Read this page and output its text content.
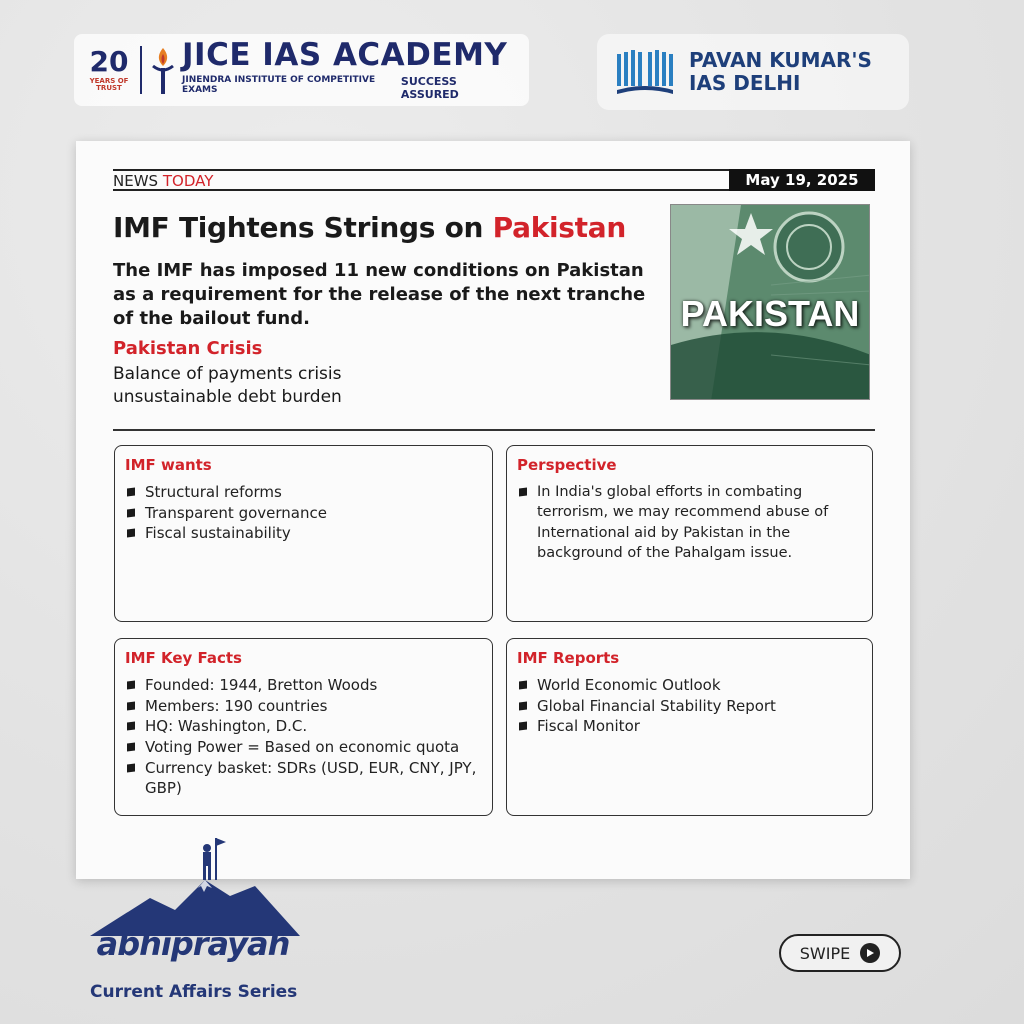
20
YEARS OF TRUST
JICE IAS ACADEMY
JINENDRA INSTITUTE OF COMPETITIVE EXAMS
SUCCESS ASSURED
PAVAN KUMAR'S
IAS DELHI
NEWS TODAY	May 19, 2025
IMF Tightens Strings on Pakistan
The IMF has imposed 11 new conditions on Pakistan as a requirement for the release of the next tranche of the bailout fund.
Pakistan Crisis
Balance of payments crisis
unsustainable debt burden
PAKISTAN
IMF wants
Structural reforms
Transparent governance
Fiscal sustainability
Perspective
In India's global efforts in combating terrorism, we may recommend abuse of International aid by Pakistan in the background of the Pahalgam issue.
IMF Key Facts
Founded: 1944, Bretton Woods
Members: 190 countries
HQ: Washington, D.C.
Voting Power = Based on economic quota
Currency basket: SDRs (USD, EUR, CNY, JPY, GBP)
IMF Reports
World Economic Outlook
Global Financial Stability Report
Fiscal Monitor
abhiprayah
Current Affairs Series
SWIPE
